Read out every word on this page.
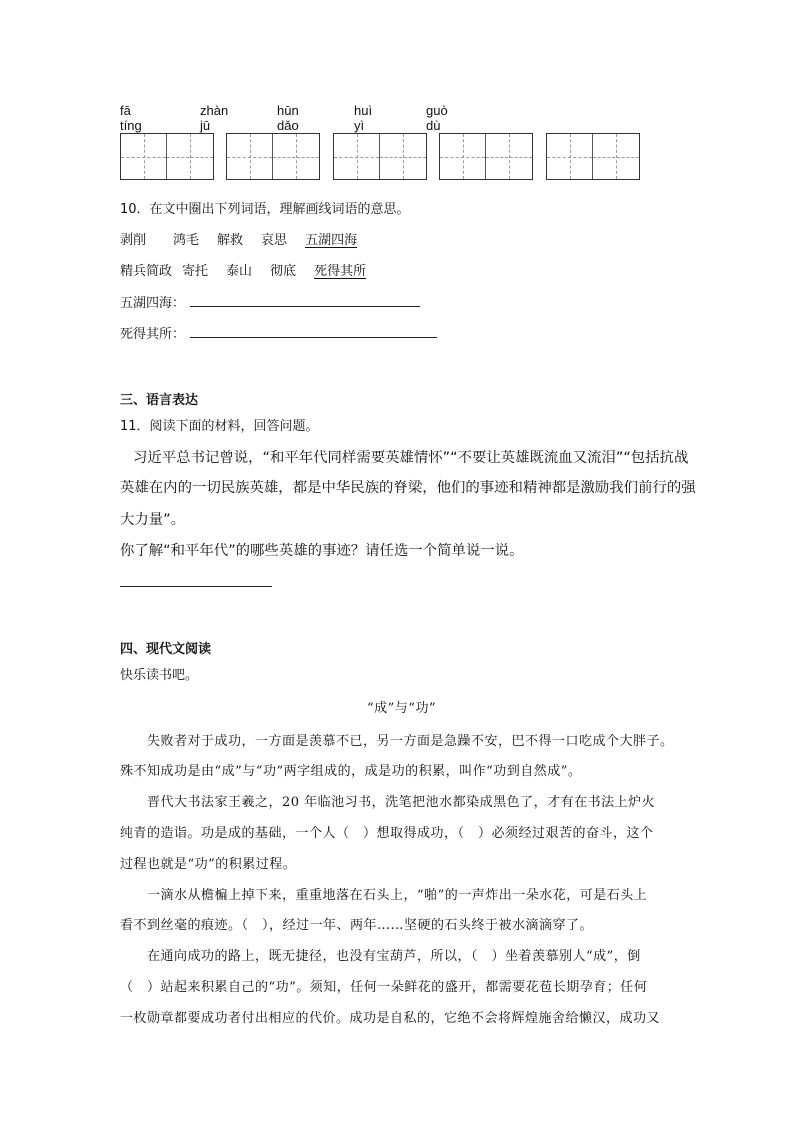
fā tíng
zhàn jū
hūn dǎo
huì yì
guò dù
10．在文中圈出下列词语，理解画线词语的意思。
剥削 鸿毛 解救 哀思 五湖四海
精兵简政 寄托 泰山 彻底 死得其所
五湖四海：
死得其所：
三、语言表达
11．阅读下面的材料，回答问题。
习近平总书记曾说，“和平年代同样需要英雄情怀”“不要让英雄既流血又流泪”“包括抗战
英雄在内的一切民族英雄，都是中华民族的脊梁，他们的事迹和精神都是激励我们前行的强
大力量”。
你了解“和平年代”的哪些英雄的事迹？请任选一个简单说一说。
四、现代文阅读
快乐读书吧。
“成”与“功”
失败者对于成功，一方面是羡慕不已，另一方面是急躁不安，巴不得一口吃成个大胖子。
殊不知成功是由“成”与“功”两字组成的，成是功的积累，叫作“功到自然成”。
晋代大书法家王羲之，20 年临池习书，洗笔把池水都染成黑色了，才有在书法上炉火
纯青的造诣。功是成的基础，一个人（　）想取得成功，（　）必须经过艰苦的奋斗，这个
过程也就是“功”的积累过程。
一滴水从檐楄上掉下来，重重地落在石头上，“啪”的一声炸出一朵水花，可是石头上
看不到丝毫的痕迹。（　），经过一年、两年……坚硬的石头终于被水滴滴穿了。
在通向成功的路上，既无捷径，也没有宝葫芦，所以，（　）坐着羡慕别人“成”，倒
（　）站起来积累自己的“功”。须知，任何一朵鲜花的盛开，都需要花苞长期孕育；任何
一枚勋章都要成功者付出相应的代价。成功是自私的，它绝不会将辉煌施舍给懒汉，成功又
